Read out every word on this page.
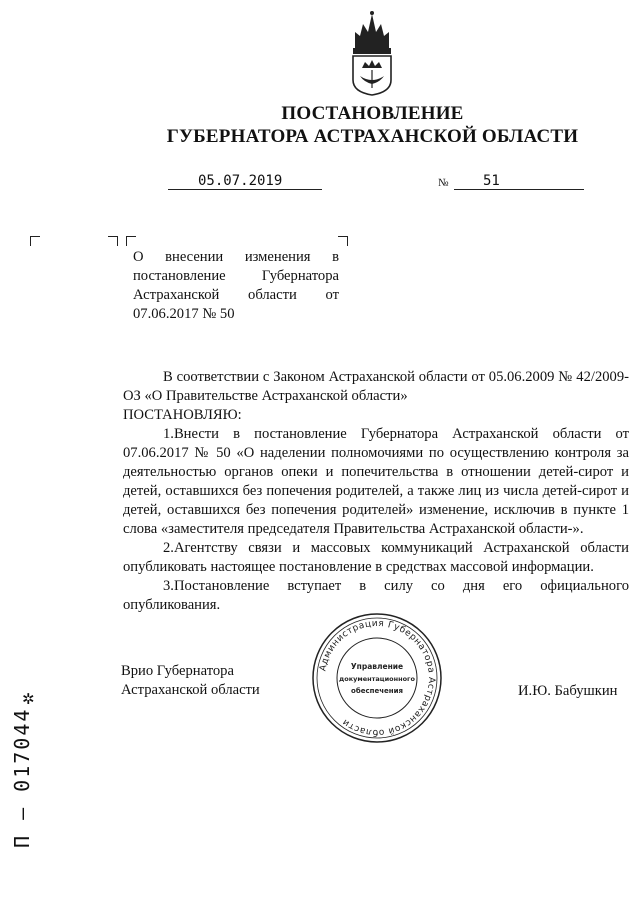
ПОСТАНОВЛЕНИЕ
ГУБЕРНАТОРА АСТРАХАНСКОЙ ОБЛАСТИ
05.07.2019	№ 51
О внесении изменения в постановление Губернатора Астраханской области от 07.06.2017 № 50

В соответствии с Законом Астраханской области от 05.06.2009 № 42/2009-ОЗ «О Правительстве Астраханской области»

ПОСТАНОВЛЯЮ:

1.Внести в постановление Губернатора Астраханской области от 07.06.2017 № 50 «О наделении полномочиями по осуществлению контроля за деятельностью органов опеки и попечительства в отношении детей-сирот и детей, оставшихся без попечения родителей, а также лиц из числа детей-сирот и детей, оставшихся без попечения родителей» изменение, исключив в пункте 1 слова «заместителя председателя Правительства Астраханской области-».

2.Агентству связи и массовых коммуникаций Астраханской области опубликовать настоящее постановление в средствах массовой информации.

3.Постановление вступает в силу со дня его официального опубликования.

Врио Губернатора
Астраханской области	И.Ю. Бабушкин
Администрация Губернатора Астраханской области
Управление
документационного
обеспечения
✲
П – 017044
